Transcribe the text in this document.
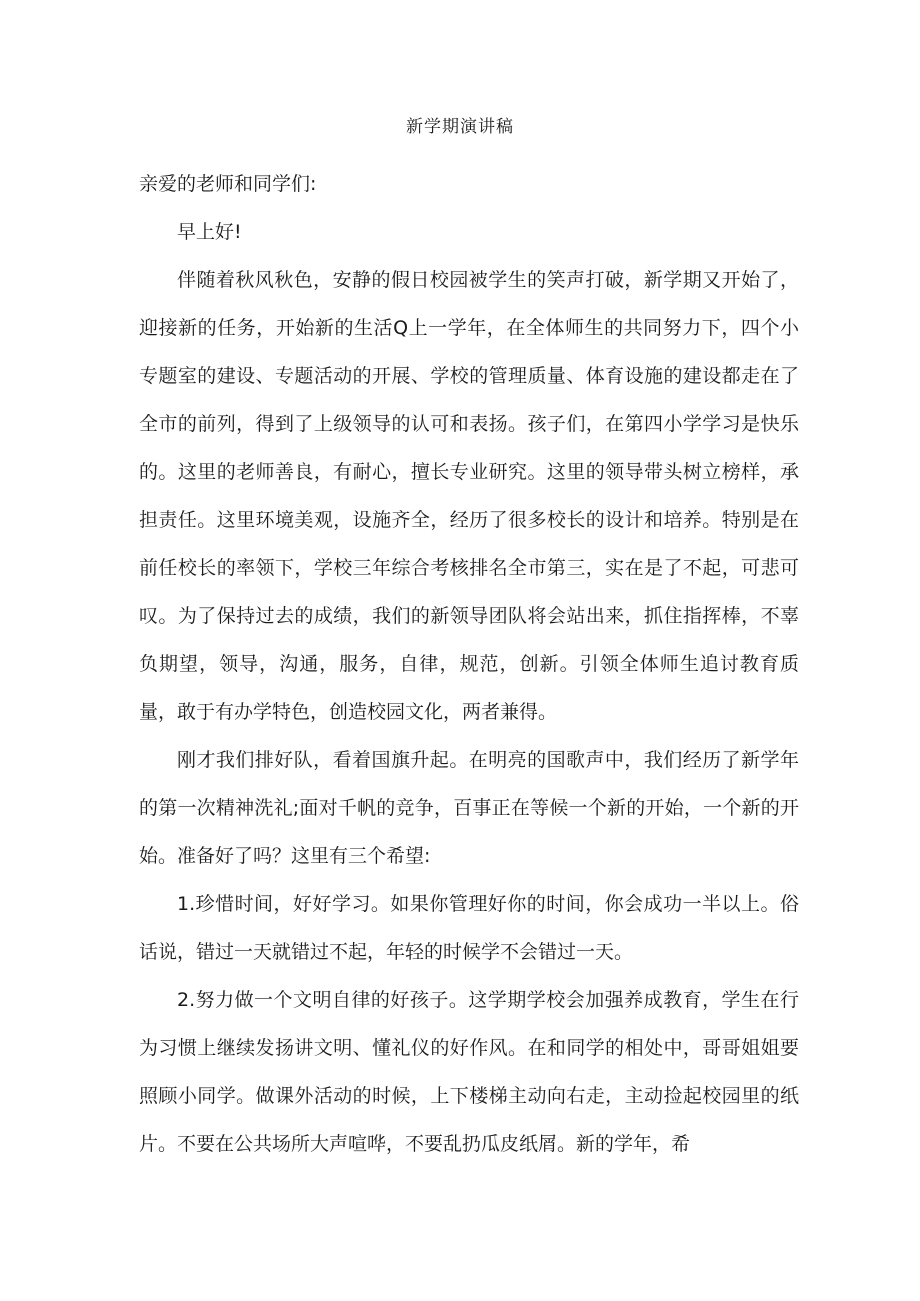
新学期演讲稿

亲爱的老师和同学们:

早上好!

伴随着秋风秋色，安静的假日校园被学生的笑声打破，新学期又开始了，迎接新的任务，开始新的生活Q上一学年，在全体师生的共同努力下，四个小专题室的建设、专题活动的开展、学校的管理质量、体育设施的建设都走在了全市的前列，得到了上级领导的认可和表扬。孩子们，在第四小学学习是快乐的。这里的老师善良，有耐心，擅长专业研究。这里的领导带头树立榜样，承担责任。这里环境美观，设施齐全，经历了很多校长的设计和培养。特别是在前任校长的率领下，学校三年综合考核排名全市第三，实在是了不起，可悲可叹。为了保持过去的成绩，我们的新领导团队将会站出来，抓住指挥棒，不辜负期望，领导，沟通，服务，自律，规范，创新。引领全体师生追讨教育质量，敢于有办学特色，创造校园文化，两者兼得。

刚才我们排好队，看着国旗升起。在明亮的国歌声中，我们经历了新学年的第一次精神洗礼;面对千帆的竞争，百事正在等候一个新的开始，一个新的开始。准备好了吗？这里有三个希望:

1.珍惜时间，好好学习。如果你管理好你的时间，你会成功一半以上。俗话说，错过一天就错过不起，年轻的时候学不会错过一天。

2.努力做一个文明自律的好孩子。这学期学校会加强养成教育，学生在行为习惯上继续发扬讲文明、懂礼仪的好作风。在和同学的相处中，哥哥姐姐要照顾小同学。做课外活动的时候，上下楼梯主动向右走，主动捡起校园里的纸片。不要在公共场所大声喧哗，不要乱扔瓜皮纸屑。新的学年，希
